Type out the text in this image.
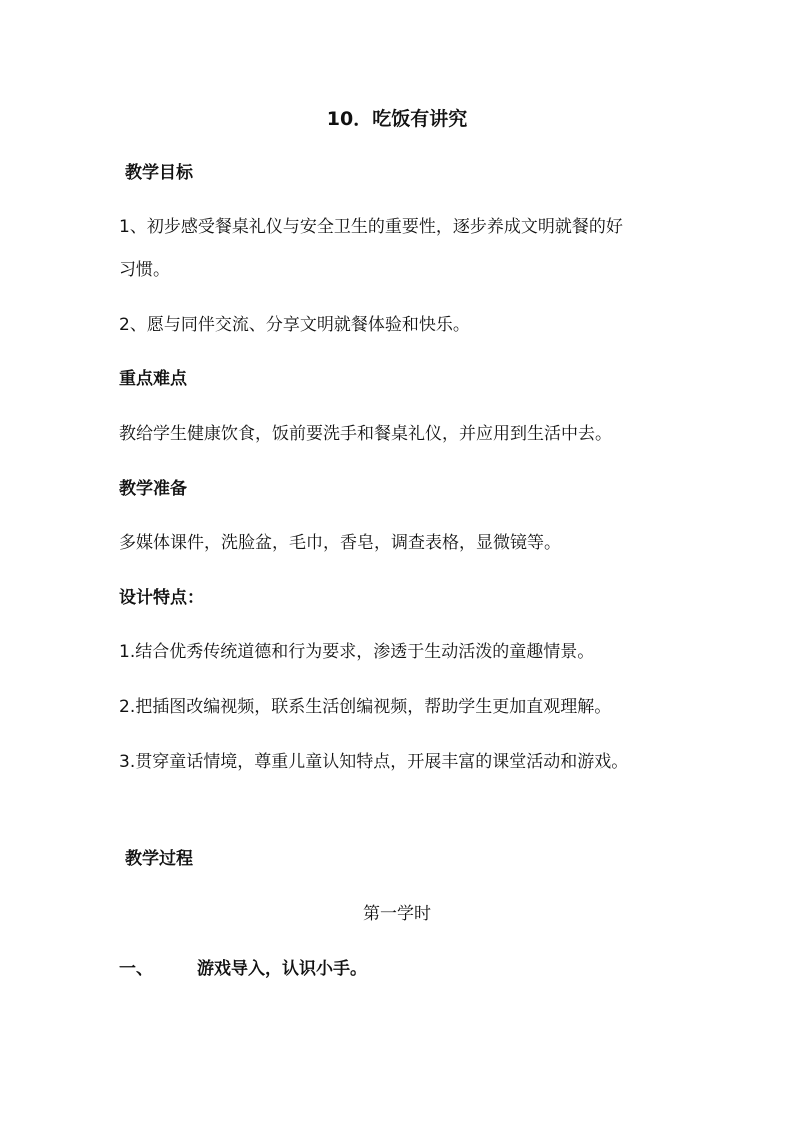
10．吃饭有讲究
教学目标
1、初步感受餐桌礼仪与安全卫生的重要性，逐步养成文明就餐的好
习惯。
2、愿与同伴交流、分享文明就餐体验和快乐。
重点难点
教给学生健康饮食，饭前要洗手和餐桌礼仪，并应用到生活中去。
教学准备
多媒体课件，洗脸盆，毛巾，香皂，调查表格，显微镜等。
设计特点：
1.结合优秀传统道德和行为要求，渗透于生动活泼的童趣情景。
2.把插图改编视频，联系生活创编视频，帮助学生更加直观理解。
3.贯穿童话情境，尊重儿童认知特点，开展丰富的课堂活动和游戏。
教学过程
第一学时
一、	游戏导入，认识小手。
